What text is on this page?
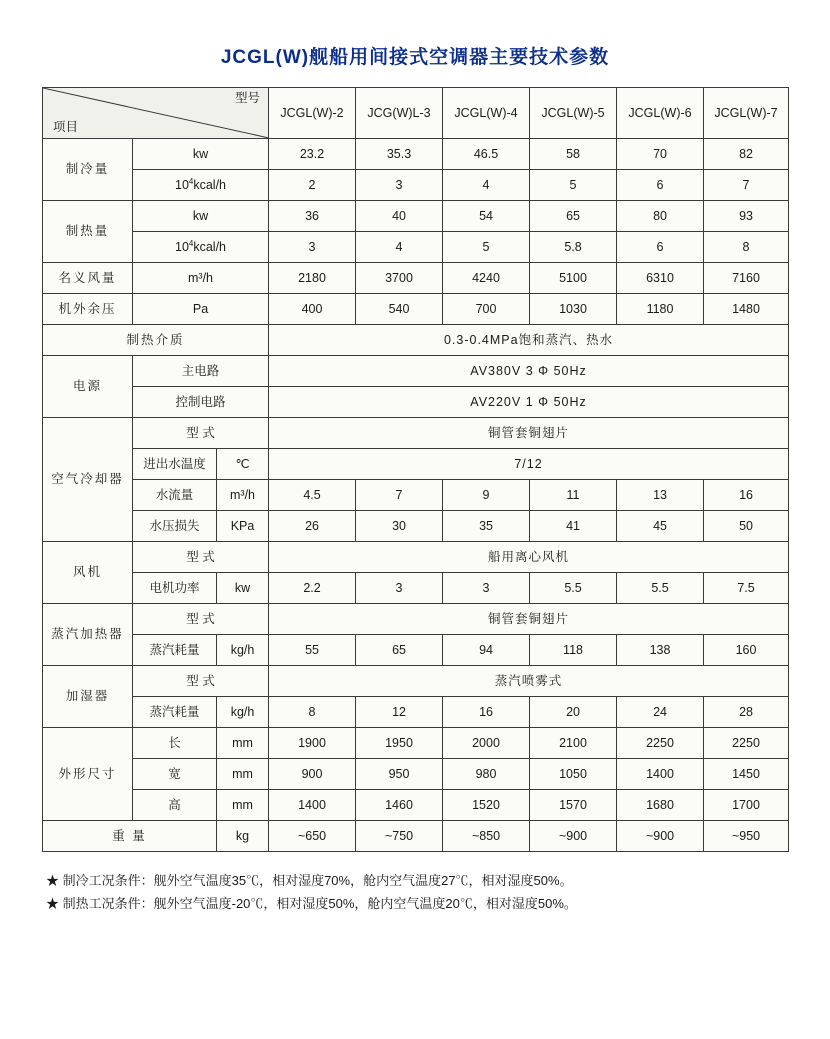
JCGL(W)舰船用间接式空调器主要技术参数
项目
型号			JCGL(W)-2	JCG(W)L-3	JCGL(W)-4	JCGL(W)-5	JCGL(W)-6	JCGL(W)-7
制冷量	kw		23.2	35.3	46.5	58	70	82
	$10^4kcal/h$		2	3	4	5	6	7
制热量	kw		36	40	54	65	80	93
	$10^4kcal/h$		3	4	5	5.8	6	8
名义风量	m³/h		2180	3700	4240	5100	6310	7160
机外余压	Pa		400	540	700	1030	1180	1480
制热介质			0.3-0.4MPa饱和蒸汽、热水					
电源	主电路		AV380V 3 Φ 50Hz					
	控制电路		AV220V 1 Φ 50Hz					
空气冷却器	型 式		铜管套铜翅片					
	进出水温度	℃	7/12					
	水流量	m³/h	4.5	7	9	11	13	16
	水压损失	KPa	26	30	35	41	45	50
风机	型 式		船用离心风机					
	电机功率	kw	2.2	3	3	5.5	5.5	7.5
蒸汽加热器	型 式		铜管套铜翅片					
	蒸汽耗量	kg/h	55	65	94	118	138	160
加湿器	型 式		蒸汽喷雾式					
	蒸汽耗量	kg/h	8	12	16	20	24	28
外形尺寸	长	mm	1900	1950	2000	2100	2250	2250
	宽	mm	900	950	980	1050	1400	1450
	高	mm	1400	1460	1520	1570	1680	1700
重 量		kg	~650	~750	~850	~900	~900	~950
★ 制冷工况条件：舰外空气温度35℃，相对湿度70%，舱内空气温度27℃，相对湿度50%。
★ 制热工况条件：舰外空气温度-20℃，相对湿度50%，舱内空气温度20℃，相对湿度50%。
